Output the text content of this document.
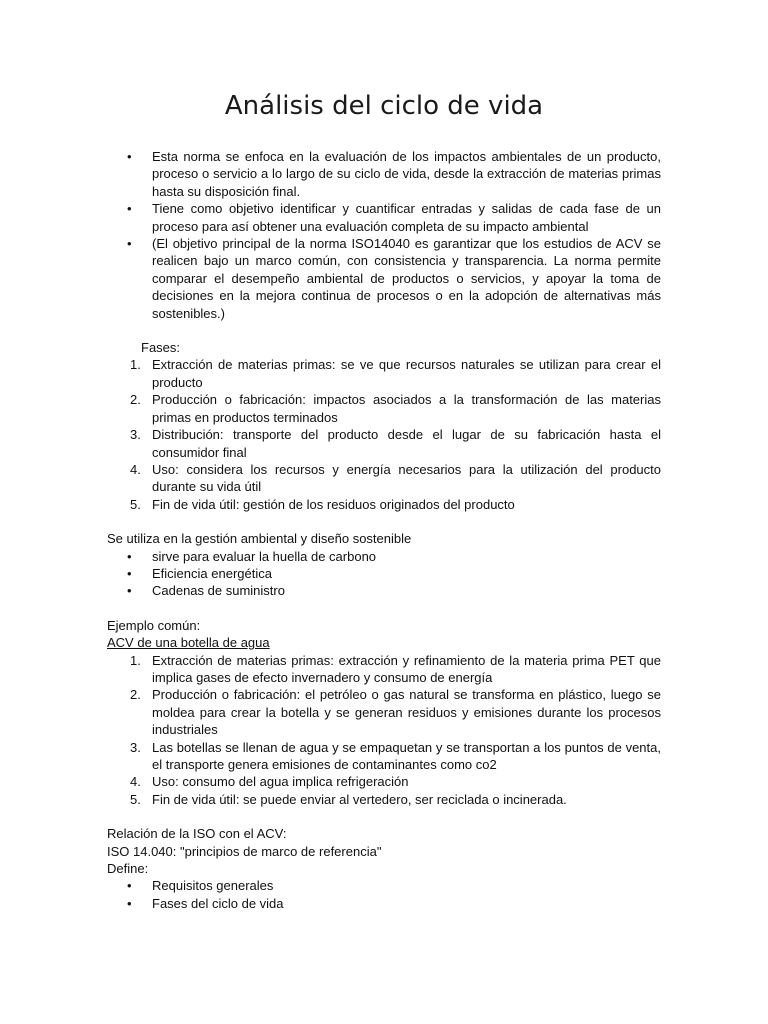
Análisis del ciclo de vida
• Esta norma se enfoca en la evaluación de los impactos ambientales de un producto, proceso o servicio a lo largo de su ciclo de vida, desde la extracción de materias primas hasta su disposición final.
• Tiene como objetivo identificar y cuantificar entradas y salidas de cada fase de un proceso para así obtener una evaluación completa de su impacto ambiental
• (El objetivo principal de la norma ISO14040 es garantizar que los estudios de ACV se realicen bajo un marco común, con consistencia y transparencia. La norma permite comparar el desempeño ambiental de productos o servicios, y apoyar la toma de decisiones en la mejora continua de procesos o en la adopción de alternativas más sostenibles.)

Fases:

1. Extracción de materias primas: se ve que recursos naturales se utilizan para crear el producto
2. Producción o fabricación: impactos asociados a la transformación de las materias primas en productos terminados
3. Distribución: transporte del producto desde el lugar de su fabricación hasta el consumidor final
4. Uso: considera los recursos y energía necesarios para la utilización del producto durante su vida útil
5. Fin de vida útil: gestión de los residuos originados del producto

Se utiliza en la gestión ambiental y diseño sostenible

• sirve para evaluar la huella de carbono
• Eficiencia energética
• Cadenas de suministro

Ejemplo común:

ACV de una botella de agua

1. Extracción de materias primas: extracción y refinamiento de la materia prima PET que implica gases de efecto invernadero y consumo de energía
2. Producción o fabricación: el petróleo o gas natural se transforma en plástico, luego se moldea para crear la botella y se generan residuos y emisiones durante los procesos industriales
3. Las botellas se llenan de agua y se empaquetan y se transportan a los puntos de venta, el transporte genera emisiones de contaminantes como co2
4. Uso: consumo del agua implica refrigeración
5. Fin de vida útil: se puede enviar al vertedero, ser reciclada o incinerada.

Relación de la ISO con el ACV:

ISO 14.040: "principios de marco de referencia"

Define:

• Requisitos generales
• Fases del ciclo de vida
